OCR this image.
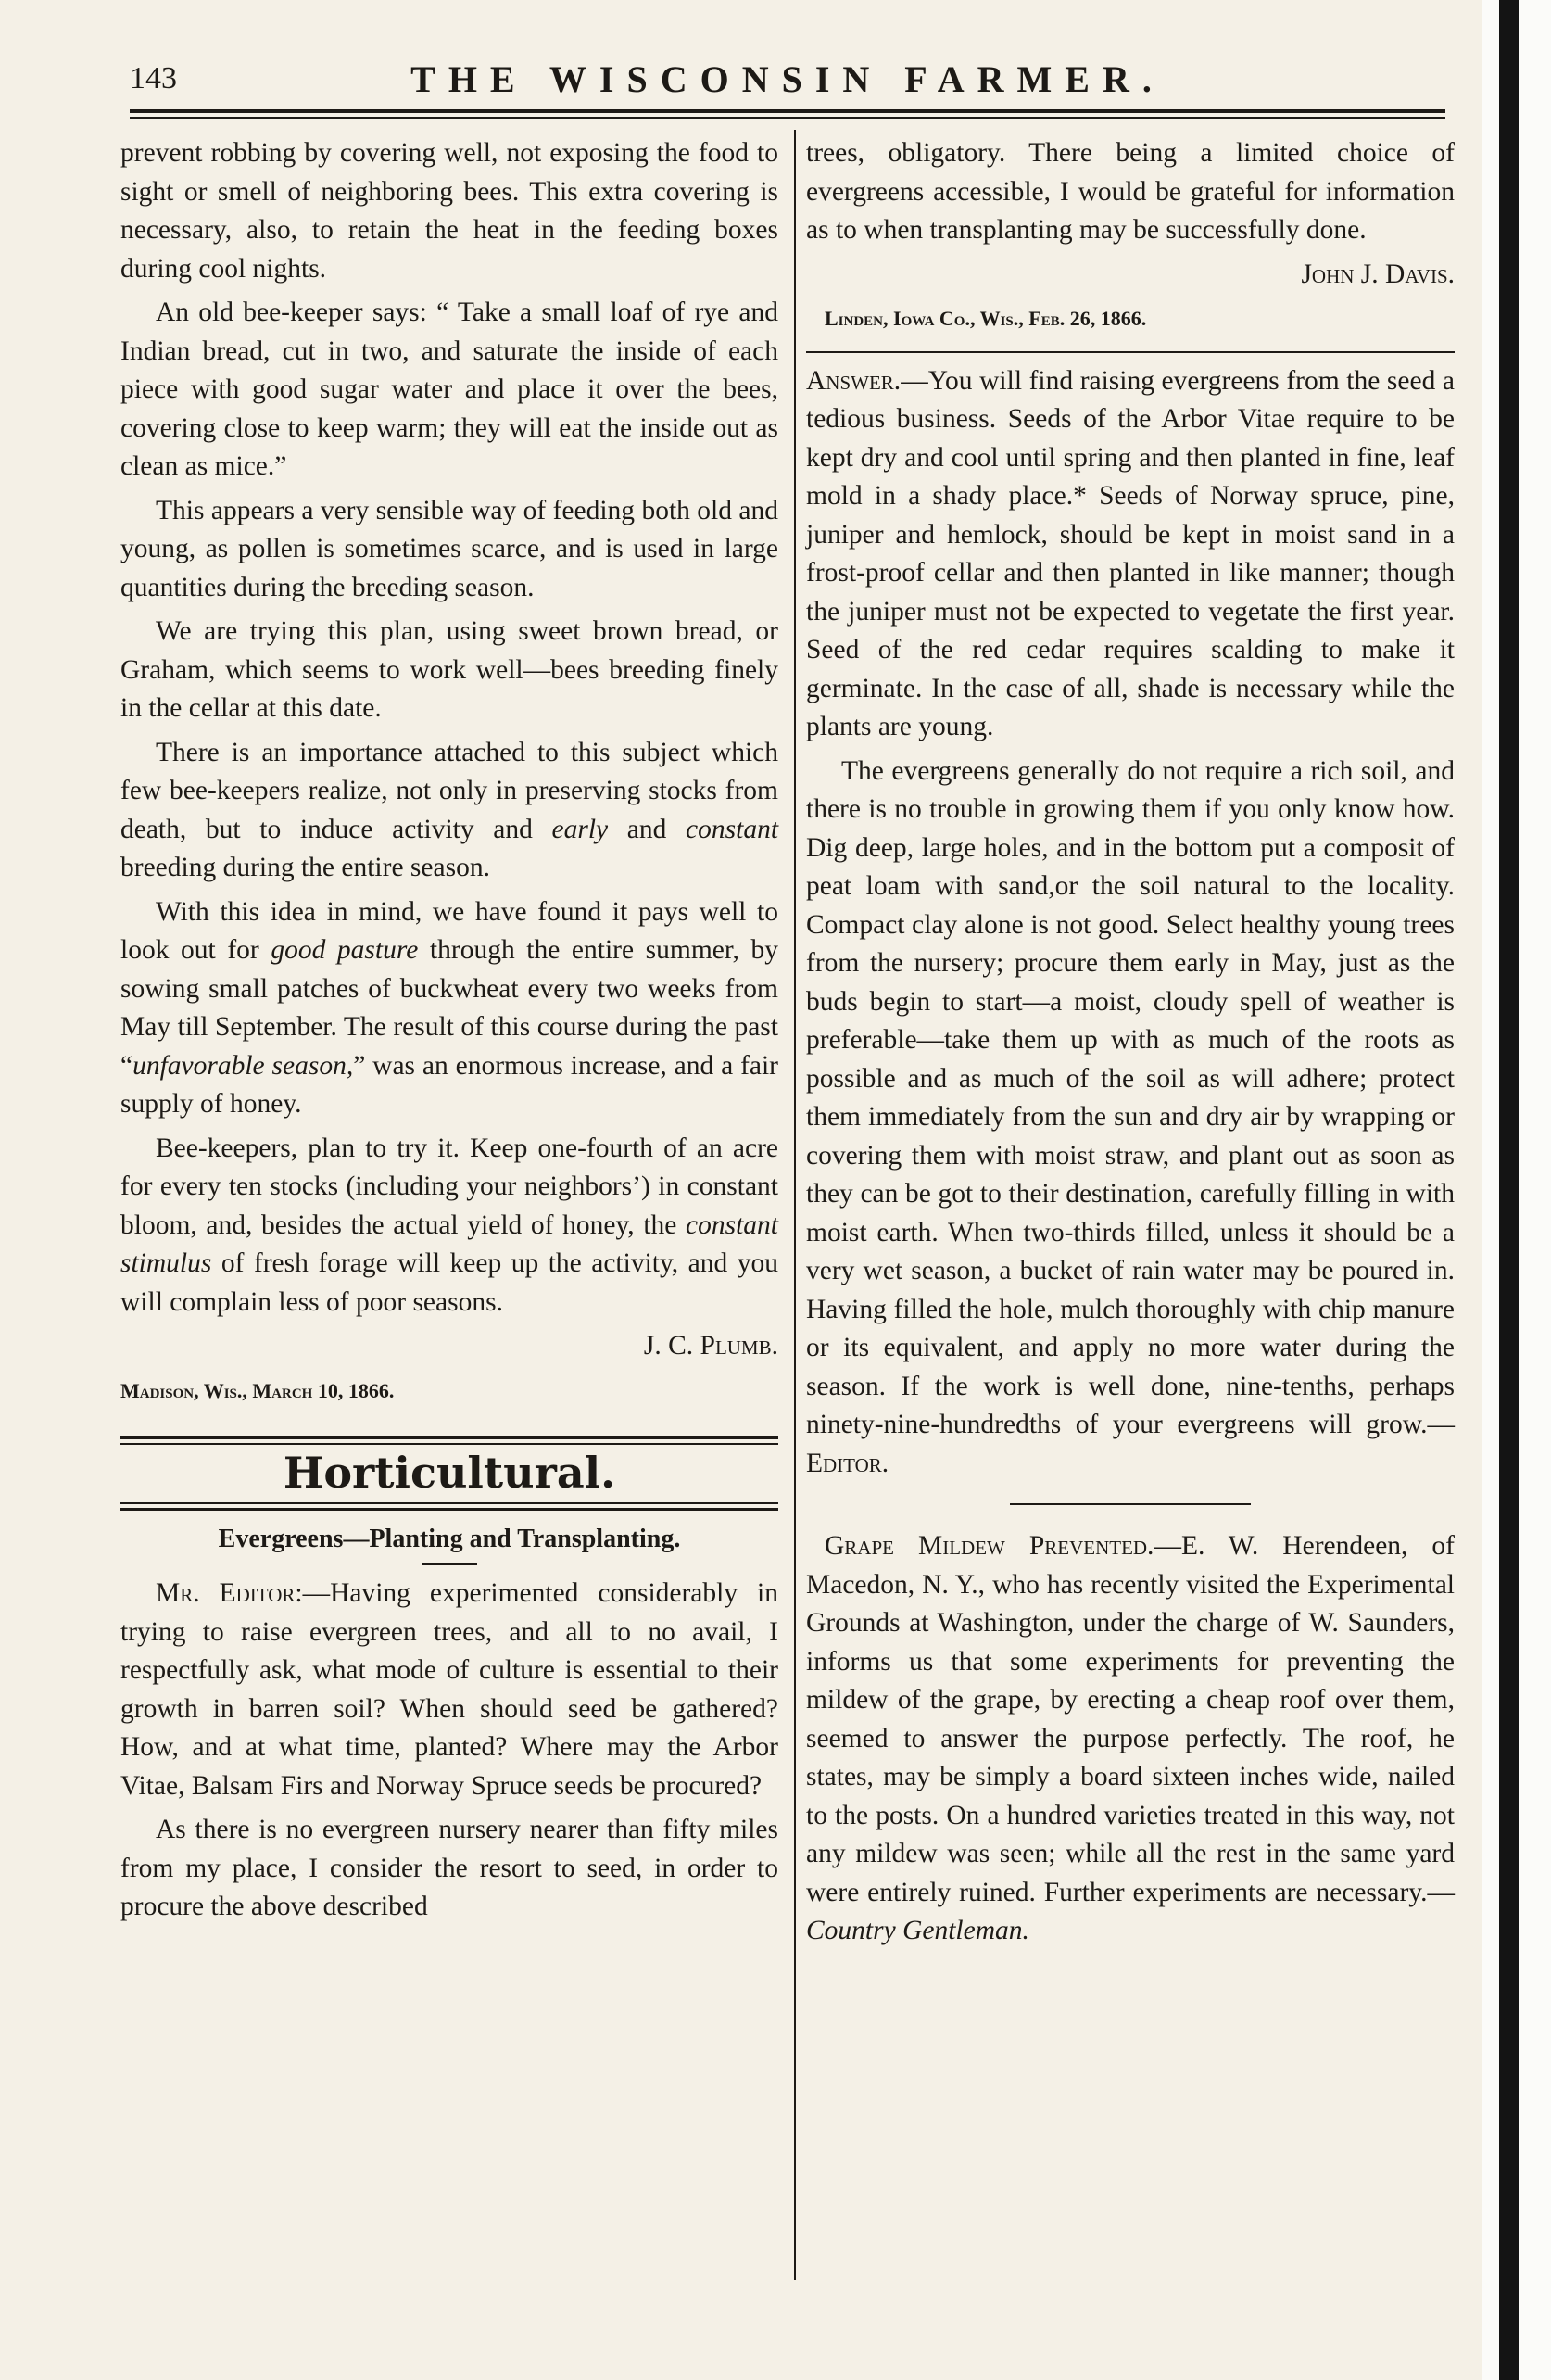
143	THE WISCONSIN FARMER.

prevent robbing by covering well, not exposing the food to sight or smell of neighboring bees. This extra covering is necessary, also, to retain the heat in the feeding boxes during cool nights.

An old bee-keeper says: “ Take a small loaf of rye and Indian bread, cut in two, and saturate the inside of each piece with good sugar water and place it over the bees, covering close to keep warm; they will eat the inside out as clean as mice.”

This appears a very sensible way of feeding both old and young, as pollen is sometimes scarce, and is used in large quantities during the breeding season.

We are trying this plan, using sweet brown bread, or Graham, which seems to work well—bees breeding finely in the cellar at this date.

There is an importance attached to this subject which few bee-keepers realize, not only in preserving stocks from death, but to induce activity and early and constant breeding during the entire season.

With this idea in mind, we have found it pays well to look out for good pasture through the entire summer, by sowing small patches of buckwheat every two weeks from May till September. The result of this course during the past “unfavorable season,” was an enormous increase, and a fair supply of honey.

Bee-keepers, plan to try it. Keep one-fourth of an acre for every ten stocks (including your neighbors’) in constant bloom, and, besides the actual yield of honey, the constant stimulus of fresh forage will keep up the activity, and you will complain less of poor seasons.

J. C. Plumb.

Madison, Wis., March 10, 1866.

Horticultural.
Evergreens—Planting and Transplanting.

Mr. Editor:—Having experimented considerably in trying to raise evergreen trees, and all to no avail, I respectfully ask, what mode of culture is essential to their growth in barren soil? When should seed be gathered? How, and at what time, planted? Where may the Arbor Vitae, Balsam Firs and Norway Spruce seeds be procured?

As there is no evergreen nursery nearer than fifty miles from my place, I consider the resort to seed, in order to procure the above described

trees, obligatory. There being a limited choice of evergreens accessible, I would be grateful for information as to when transplanting may be successfully done.

John J. Davis.

Linden, Iowa Co., Wis., Feb. 26, 1866.

Answer.—You will find raising evergreens from the seed a tedious business. Seeds of the Arbor Vitae require to be kept dry and cool until spring and then planted in fine, leaf mold in a shady place.* Seeds of Norway spruce, pine, juniper and hemlock, should be kept in moist sand in a frost-proof cellar and then planted in like manner; though the juniper must not be expected to vegetate the first year. Seed of the red cedar requires scalding to make it germinate. In the case of all, shade is necessary while the plants are young.

The evergreens generally do not require a rich soil, and there is no trouble in growing them if you only know how. Dig deep, large holes, and in the bottom put a composit of peat loam with sand,or the soil natural to the locality. Compact clay alone is not good. Select healthy young trees from the nursery; procure them early in May, just as the buds begin to start—a moist, cloudy spell of weather is preferable—take them up with as much of the roots as possible and as much of the soil as will adhere; protect them immediately from the sun and dry air by wrapping or covering them with moist straw, and plant out as soon as they can be got to their destination, carefully filling in with moist earth. When two-thirds filled, unless it should be a very wet season, a bucket of rain water may be poured in. Having filled the hole, mulch thoroughly with chip manure or its equivalent, and apply no more water during the season. If the work is well done, nine-tenths, perhaps ninety-nine-hundredths of your evergreens will grow.—Editor.

Grape Mildew Prevented.—E. W. Herendeen, of Macedon, N. Y., who has recently visited the Experimental Grounds at Washington, under the charge of W. Saunders, informs us that some experiments for preventing the mildew of the grape, by erecting a cheap roof over them, seemed to answer the purpose perfectly. The roof, he states, may be simply a board sixteen inches wide, nailed to the posts. On a hundred varieties treated in this way, not any mildew was seen; while all the rest in the same yard were entirely ruined. Further experiments are necessary.—Country Gentleman.
